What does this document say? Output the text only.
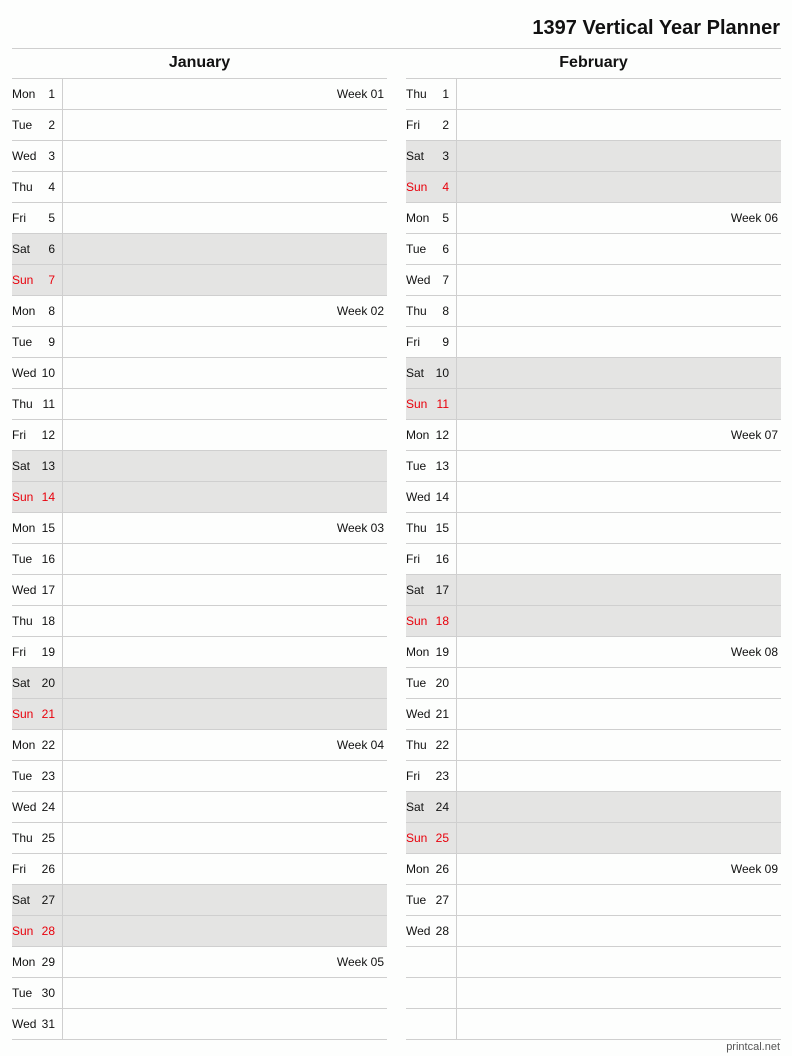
1397 Vertical Year Planner
January
Mon 1	Week 01
Tue 2
Wed 3
Thu 4
Fri 5
Sat 6
Sun 7
Mon 8	Week 02
Tue 9
Wed 10
Thu 11
Fri 12
Sat 13
Sun 14
Mon 15	Week 03
Tue 16
Wed 17
Thu 18
Fri 19
Sat 20
Sun 21
Mon 22	Week 04
Tue 23
Wed 24
Thu 25
Fri 26
Sat 27
Sun 28
Mon 29	Week 05
Tue 30
Wed 31
February
Thu 1
Fri 2
Sat 3
Sun 4
Mon 5	Week 06
Tue 6
Wed 7
Thu 8
Fri 9
Sat 10
Sun 11
Mon 12	Week 07
Tue 13
Wed 14
Thu 15
Fri 16
Sat 17
Sun 18
Mon 19	Week 08
Tue 20
Wed 21
Thu 22
Fri 23
Sat 24
Sun 25
Mon 26	Week 09
Tue 27
Wed 28
printcal.net
